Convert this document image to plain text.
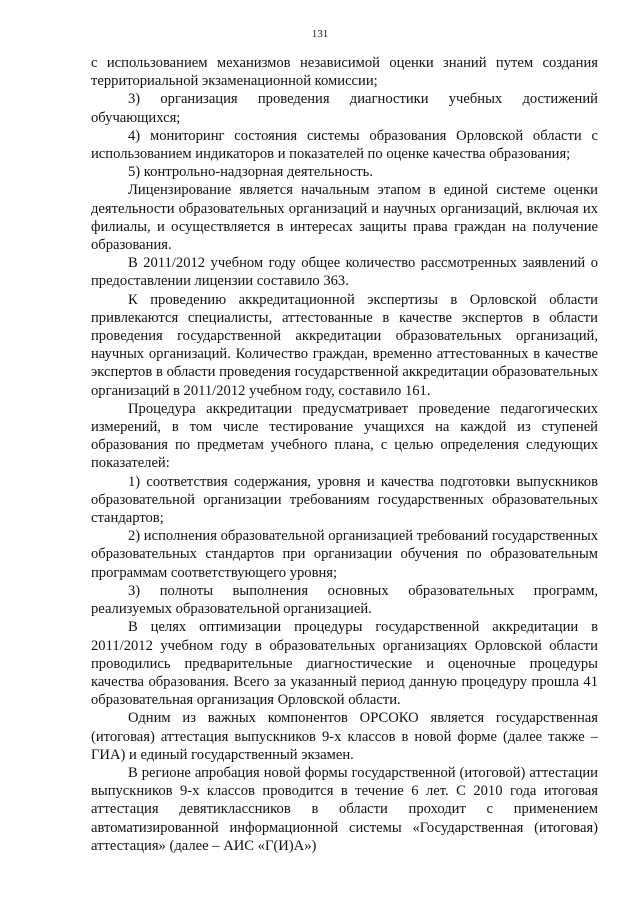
131

с использованием механизмов независимой оценки знаний путем создания территориальной экзаменационной комиссии;

3) организация проведения диагностики учебных достижений обучающихся;

4) мониторинг состояния системы образования Орловской области с использованием индикаторов и показателей по оценке качества образования;

5) контрольно-надзорная деятельность.

Лицензирование является начальным этапом в единой системе оценки деятельности образовательных организаций и научных организаций, включая их филиалы, и осуществляется в интересах защиты права граждан на получение образования.

В 2011/2012 учебном году общее количество рассмотренных заявлений о предоставлении лицензии составило 363.

К проведению аккредитационной экспертизы в Орловской области привлекаются специалисты, аттестованные в качестве экспертов в области проведения государственной аккредитации образовательных организаций, научных организаций. Количество граждан, временно аттестованных в качестве экспертов в области проведения государственной аккредитации образовательных организаций в 2011/2012 учебном году, составило 161.

Процедура аккредитации предусматривает проведение педагогических измерений, в том числе тестирование учащихся на каждой из ступеней образования по предметам учебного плана, с целью определения следующих показателей:

1) соответствия содержания, уровня и качества подготовки выпускников образовательной организации требованиям государственных образовательных стандартов;

2) исполнения образовательной организацией требований государственных образовательных стандартов при организации обучения по образовательным программам соответствующего уровня;

3) полноты выполнения основных образовательных программ, реализуемых образовательной организацией.

В целях оптимизации процедуры государственной аккредитации в 2011/2012 учебном году в образовательных организациях Орловской области проводились предварительные диагностические и оценочные процедуры качества образования. Всего за указанный период данную процедуру прошла 41 образовательная организация Орловской области.

Одним из важных компонентов ОРСОКО является государственная (итоговая) аттестация выпускников 9-х классов в новой форме (далее также – ГИА) и единый государственный экзамен.

В регионе апробация новой формы государственной (итоговой) аттестации выпускников 9-х классов проводится в течение 6 лет. С 2010 года итоговая аттестация девятиклассников в области проходит с применением автоматизированной информационной системы «Государственная (итоговая) аттестация» (далее – АИС «Г(И)А»)
